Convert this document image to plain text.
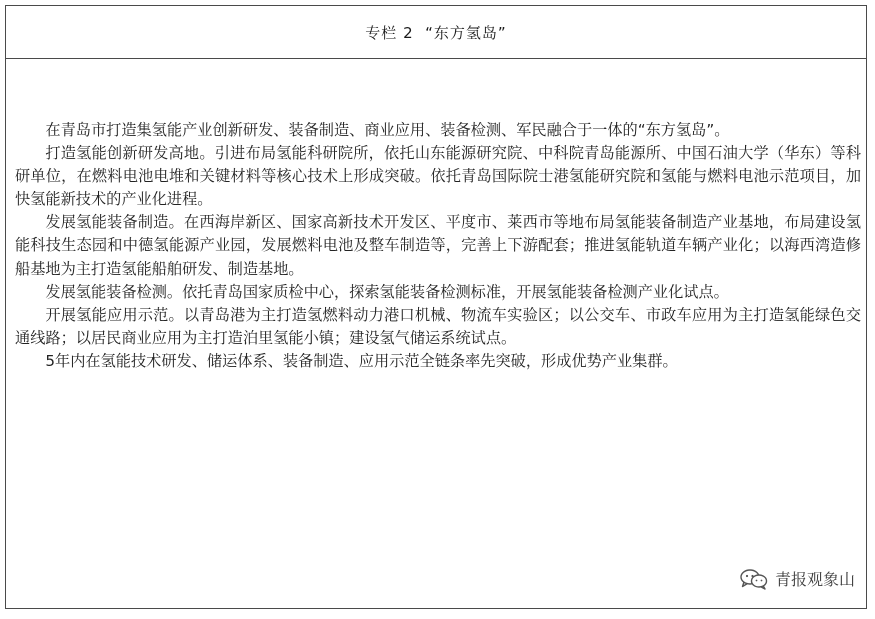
专栏 2  “东方氢岛”

在青岛市打造集氢能产业创新研发、装备制造、商业应用、装备检测、军民融合于一体的“东方氢岛”。

打造氢能创新研发高地。引进布局氢能科研院所，依托山东能源研究院、中科院青岛能源所、中国石油大学（华东）等科研单位，在燃料电池电堆和关键材料等核心技术上形成突破。依托青岛国际院士港氢能研究院和氢能与燃料电池示范项目，加快氢能新技术的产业化进程。

发展氢能装备制造。在西海岸新区、国家高新技术开发区、平度市、莱西市等地布局氢能装备制造产业基地，布局建设氢能科技生态园和中德氢能源产业园，发展燃料电池及整车制造等，完善上下游配套；推进氢能轨道车辆产业化；以海西湾造修船基地为主打造氢能船舶研发、制造基地。

发展氢能装备检测。依托青岛国家质检中心，探索氢能装备检测标准，开展氢能装备检测产业化试点。

开展氢能应用示范。以青岛港为主打造氢燃料动力港口机械、物流车实验区；以公交车、市政车应用为主打造氢能绿色交通线路；以居民商业应用为主打造泊里氢能小镇；建设氢气储运系统试点。

5年内在氢能技术研发、储运体系、装备制造、应用示范全链条率先突破，形成优势产业集群。

青报观象山
